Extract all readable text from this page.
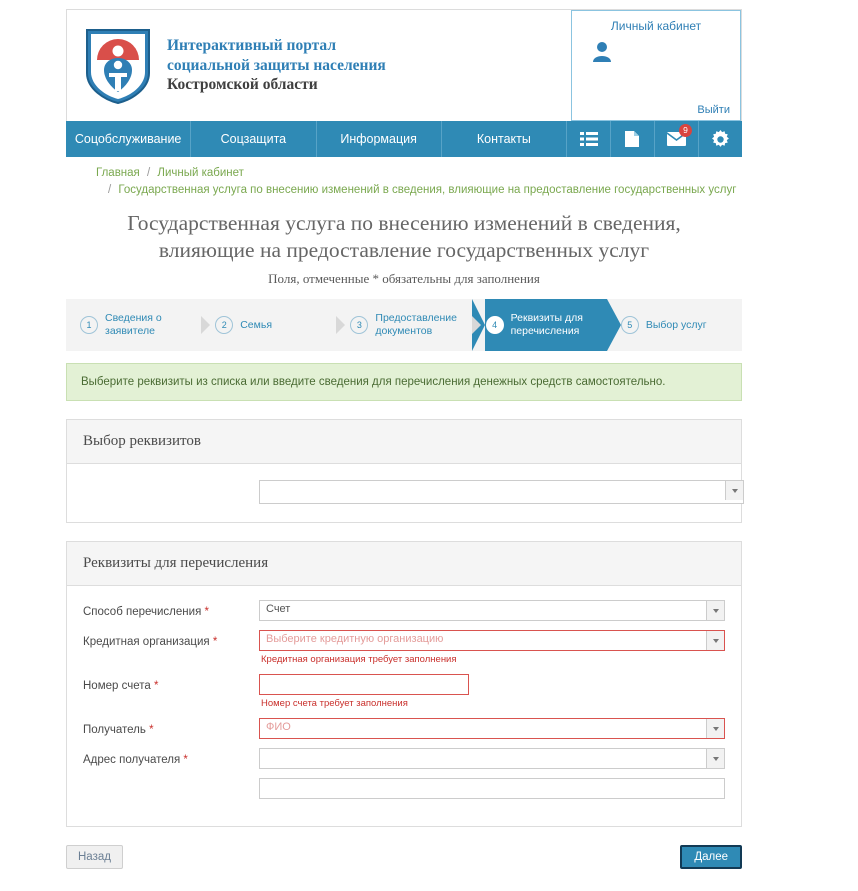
Интерактивный портал
социальной защиты населения
Костромской области
Личный кабинет
Выйти
Соцобслуживание	Соцзащита	Информация	Контакты
9
Главная / Личный кабинет
/ Государственная услуга по внесению изменений в сведения, влияющие на предоставление государственных услуг
Государственная услуга по внесению изменений в сведения, влияющие на предоставление государственных услуг
Поля, отмеченные * обязательны для заполнения
1
Сведения о заявителе	2	Семья	3
Предоставление документов	4
Реквизиты для перечисления	5	Выбор услуг
Выберите реквизиты из списка или введите сведения для перечисления денежных средств самостоятельно.
Выбор реквизитов
Реквизиты для перечисления
Способ перечисления *	Счет
Кредитная организация *	Выберите кредитную организацию
Кредитная организация требует заполнения
Номер счета *
Номер счета требует заполнения
Получатель *	ФИО
Адрес получателя *
Назад	Далее
